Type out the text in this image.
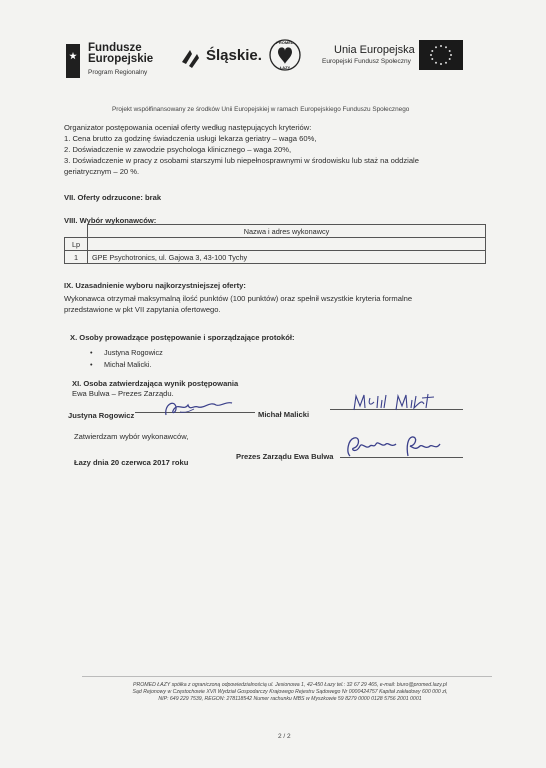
Fundusze
Europejskie
Program Regionalny
Śląskie.
PROMED
ŁAZY
Unia Europejska
Europejski Fundusz Społeczny
Projekt współfinansowany ze środków Unii Europejskiej w ramach Europejskiego Funduszu Społecznego
Organizator postępowania oceniał oferty według następujących kryteriów:
1. Cena brutto za godzinę świadczenia usługi lekarza geriatry – waga 60%,
2. Doświadczenie w zawodzie psychologa klinicznego – waga 20%,
3. Doświadczenie w pracy z osobami starszymi lub niepełnosprawnymi w środowisku lub staż na oddziale
geriatrycznym – 20 %.
VII. Oferty odrzucone: brak
VIII. Wybór wykonawców:
	Nazwa i adres wykonawcy
Lp	
1	GPE Psychotronics, ul. Gajowa 3, 43-100 Tychy
IX. Uzasadnienie wyboru najkorzystniejszej oferty:
Wykonawca otrzymał maksymalną ilość punktów (100 punktów) oraz spełnił wszystkie kryteria formalne
przedstawione w pkt VII zapytania ofertowego.
X. Osoby prowadzące postępowanie i sporządzające protokół:
• Justyna Rogowicz
• Michał Malicki.
XI. Osoba zatwierdzająca wynik postępowania
Ewa Bulwa – Prezes Zarządu.
Justyna Rogowicz	Michał Malicki
Zatwierdzam wybór wykonawców,
Łazy dnia 20 czerwca 2017 roku
Prezes Zarządu Ewa Bulwa
PROMED ŁAZY spółka z ograniczoną odpowiedzialnością ul. Jesionowa 1, 42-450 Łazy tel.: 32 67 29 465, e-mail: biuro@promed.lazy.pl
Sąd Rejonowy w Częstochowie XVII Wydział Gospodarczy Krajowego Rejestru Sądowego Nr 0000424757 Kapitał zakładowy 600 000 zł,
NIP: 649 229 7539, REGON: 278118542 Numer rachunku MBS w Myszkowie 59 8279 0000 0128 5756 2001 0001
2 / 2
